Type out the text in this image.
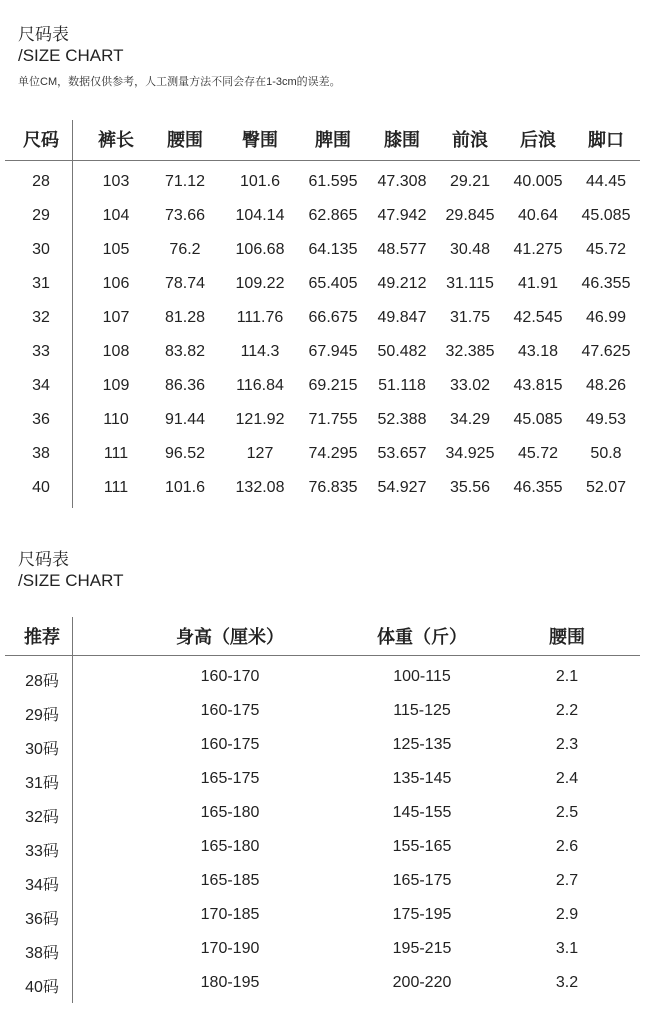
尺码表
/SIZE CHART
单位CM，数据仅供参考，人工测量方法不同会存在1-3cm的误差。
尺码 裤长 腰围 臀围 脾围 膝围 前浪 后浪 脚口
28	103 71.12 101.6 61.595 47.308 29.21 40.005 44.45
29	104 73.66 104.14 62.865 47.942 29.845 40.64 45.085
30	105	76.2 106.68 64.135 48.577 30.48 41.275 45.72
31	106 78.74 109.22 65.405 49.212 31.115 41.91 46.355
32	107 81.28 111.76 66.675 49.847 31.75 42.545 46.99
33	108 83.82 114.3 67.945 50.482 32.385 43.18 47.625
34	109 86.36 116.84 69.215 51.118 33.02 43.815 48.26
36	110 91.44 121.92 71.755 52.388 34.29 45.085 49.53
38	111 96.52	127 74.295 53.657 34.925 45.72 50.8
40	111 101.6 132.08 76.835 54.927 35.56 46.355 52.07
尺码表
/SIZE CHART
推荐	身高（厘米）	体重（斤）	腰围
28码	160-170	100-115	2.1
29码	160-175	115-125	2.2
30码	160-175	125-135	2.3
31码	165-175	135-145	2.4
32码	165-180	145-155	2.5
33码	165-180	155-165	2.6
34码	165-185	165-175	2.7
36码	170-185	175-195	2.9
38码	170-190	195-215	3.1
40码	180-195	200-220	3.2
